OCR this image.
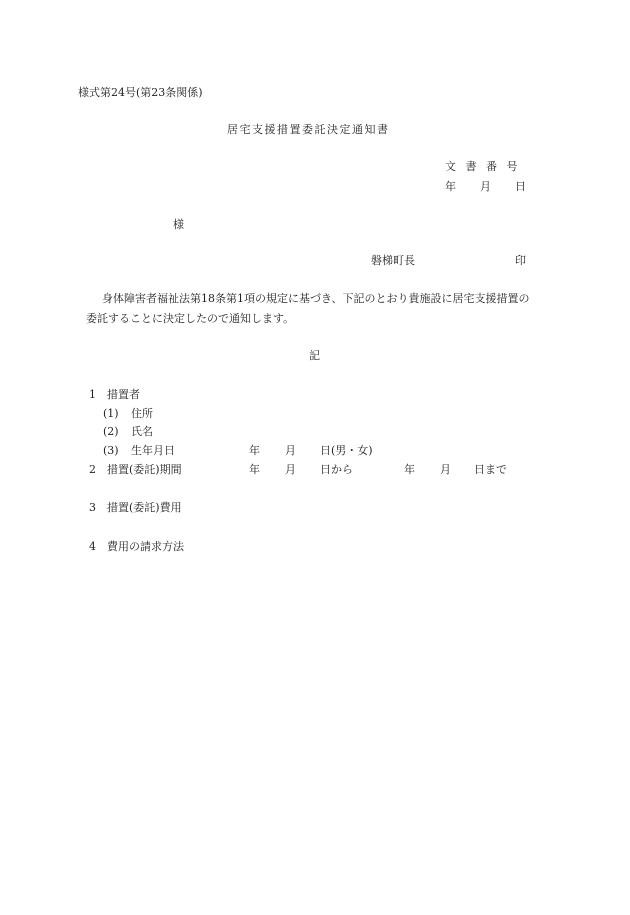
様式第24号(第23条関係)
居宅支援措置委託決定通知書
文 書 番 号
年 月 日
様
磐梯町長	印
身体障害者福祉法第18条第1項の規定に基づき、下記のとおり貴施設に居宅支援措置の
委託することに決定したので通知します。
記
1 措置者
(1) 住所
(2) 氏名
(3) 生年月日	年 月 日(男・女)
2 措置(委託)期間	年 月 日から	年 月 日まで
3 措置(委託)費用
4 費用の請求方法
